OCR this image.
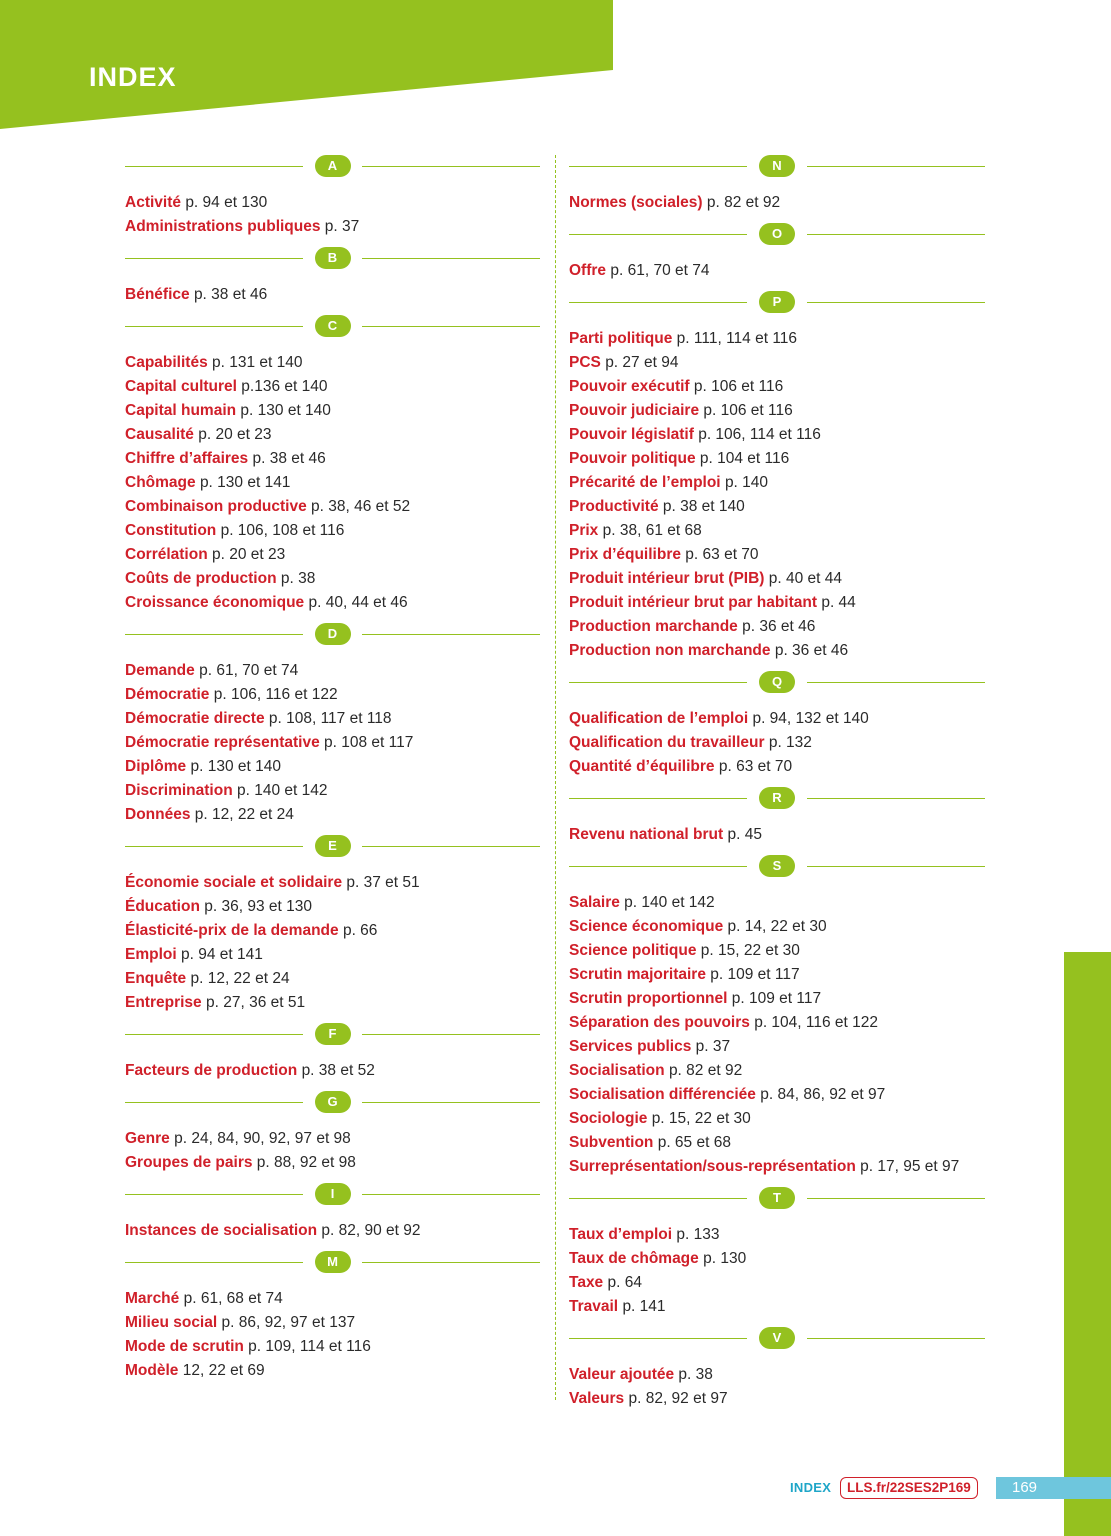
INDEX
A
Activité p. 94 et 130
Administrations publiques p. 37
B
Bénéfice p. 38 et 46
C
Capabilités p. 131 et 140
Capital culturel p.136 et 140
Capital humain p. 130 et 140
Causalité p. 20 et 23
Chiffre d’affaires p. 38 et 46
Chômage p. 130 et 141
Combinaison productive p. 38, 46 et 52
Constitution p. 106, 108 et 116
Corrélation p. 20 et 23
Coûts de production p. 38
Croissance économique p. 40, 44 et 46
D
Demande p. 61, 70 et 74
Démocratie p. 106, 116 et 122
Démocratie directe p. 108, 117 et 118
Démocratie représentative p. 108 et 117
Diplôme p. 130 et 140
Discrimination p. 140 et 142
Données p. 12, 22 et 24
E
Économie sociale et solidaire p. 37 et 51
Éducation p. 36, 93 et 130
Élasticité-prix de la demande p. 66
Emploi p. 94 et 141
Enquête p. 12, 22 et 24
Entreprise p. 27, 36 et 51
F
Facteurs de production p. 38 et 52
G
Genre p. 24, 84, 90, 92, 97 et 98
Groupes de pairs p. 88, 92 et 98
I
Instances de socialisation p. 82, 90 et 92
M
Marché p. 61, 68 et 74
Milieu social p. 86, 92, 97 et 137
Mode de scrutin p. 109, 114 et 116
Modèle 12, 22 et 69
N
Normes (sociales) p. 82 et 92
O
Offre p. 61, 70 et 74
P
Parti politique p. 111, 114 et 116
PCS p. 27 et 94
Pouvoir exécutif p. 106 et 116
Pouvoir judiciaire p. 106 et 116
Pouvoir législatif p. 106, 114 et 116
Pouvoir politique p. 104 et 116
Précarité de l’emploi p. 140
Productivité p. 38 et 140
Prix p. 38, 61 et 68
Prix d’équilibre p. 63 et 70
Produit intérieur brut (PIB) p. 40 et 44
Produit intérieur brut par habitant p. 44
Production marchande p. 36 et 46
Production non marchande p. 36 et 46
Q
Qualification de l’emploi p. 94, 132 et 140
Qualification du travailleur p. 132
Quantité d’équilibre p. 63 et 70
R
Revenu national brut p. 45
S
Salaire p. 140 et 142
Science économique p. 14, 22 et 30
Science politique p. 15, 22 et 30
Scrutin majoritaire p. 109 et 117
Scrutin proportionnel p. 109 et 117
Séparation des pouvoirs p. 104, 116 et 122
Services publics p. 37
Socialisation p. 82 et 92
Socialisation différenciée p. 84, 86, 92 et 97
Sociologie p. 15, 22 et 30
Subvention p. 65 et 68
Surreprésentation/sous-représentation p. 17, 95 et 97
T
Taux d’emploi p. 133
Taux de chômage p. 130
Taxe p. 64
Travail p. 141
V
Valeur ajoutée p. 38
Valeurs p. 82, 92 et 97
INDEX	LLS.fr/22SES2P169	169
